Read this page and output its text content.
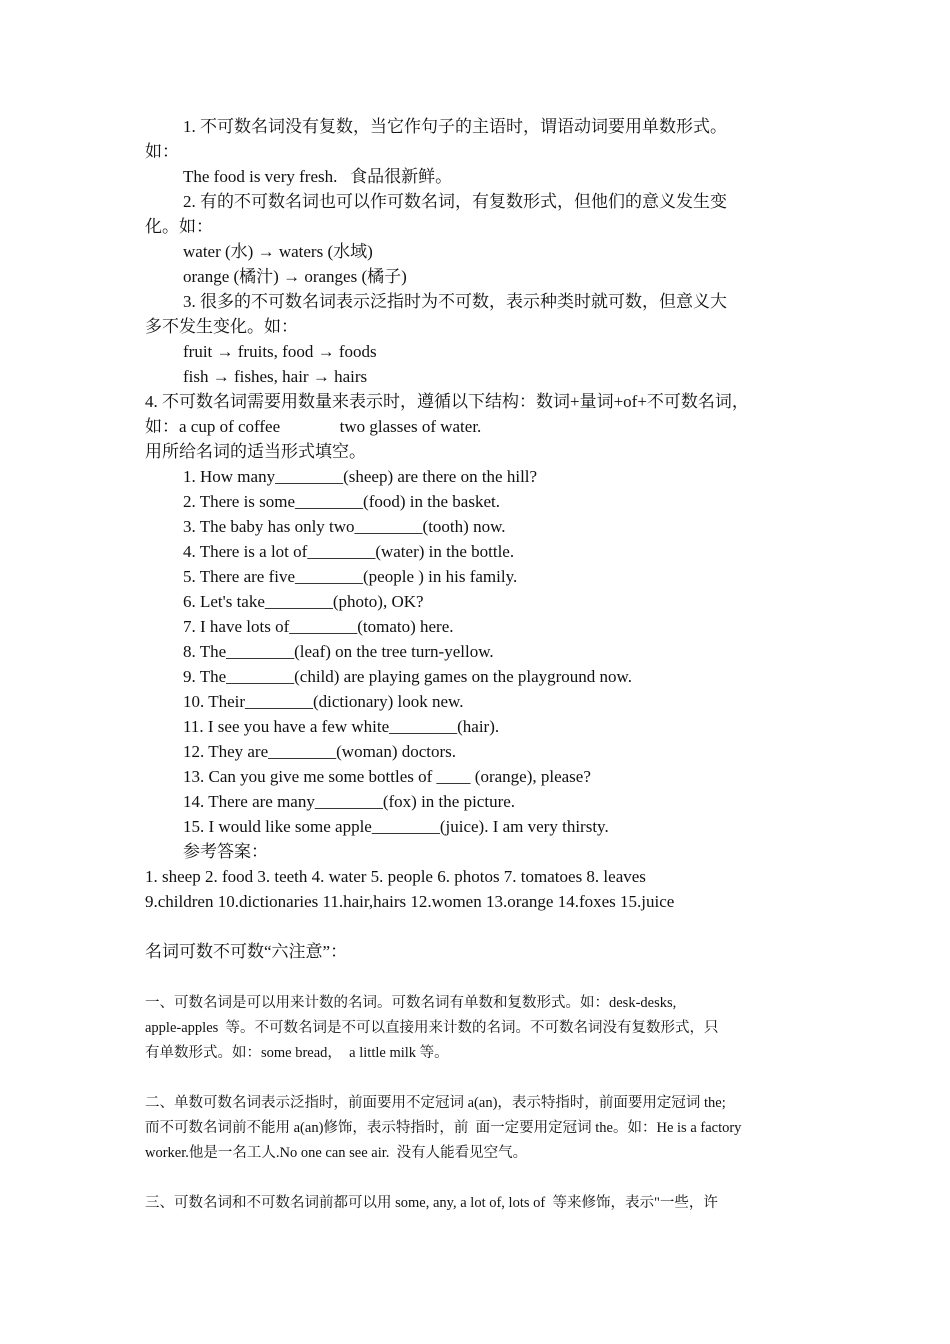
1. 不可数名词没有复数，当它作句子的主语时，谓语动词要用单数形式。
如：
The food is very fresh.   食品很新鲜。
2. 有的不可数名词也可以作可数名词，有复数形式，但他们的意义发生变
化。如：
water (水) → waters (水域)
orange (橘汁) → oranges (橘子)
3. 很多的不可数名词表示泛指时为不可数，表示种类时就可数，但意义大
多不发生变化。如：
fruit → fruits, food → foods
fish → fishes, hair → hairs
4. 不可数名词需要用数量来表示时，遵循以下结构：数词+量词+of+不可数名词，
如：a cup of coffee              two glasses of water.
用所给名词的适当形式填空。
1. How many________(sheep) are there on the hill?
2. There is some________(food) in the basket.
3. The baby has only two________(tooth) now.
4. There is a lot of________(water) in the bottle.
5. There are five________(people ) in his family.
6. Let's take________(photo), OK?
7. I have lots of________(tomato) here.
8. The________(leaf) on the tree turn-yellow.
9. The________(child) are playing games on the playground now.
10. Their________(dictionary) look new.
11. I see you have a few white________(hair).
12. They are________(woman) doctors.
13. Can you give me some bottles of ____ (orange), please?
14. There are many________(fox) in the picture.
15. I would like some apple________(juice). I am very thirsty.
参考答案：
1. sheep 2. food 3. teeth 4. water 5. people 6. photos 7. tomatoes 8. leaves
9.children 10.dictionaries 11.hair,hairs 12.women 13.orange 14.foxes 15.juice
名词可数不可数“六注意”：
一、可数名词是可以用来计数的名词。可数名词有单数和复数形式。如：desk-desks,
apple-apples  等。不可数名词是不可以直接用来计数的名词。不可数名词没有复数形式，只
有单数形式。如：some bread，  a little milk 等。
二、单数可数名词表示泛指时，前面要用不定冠词 a(an)，表示特指时，前面要用定冠词 the;
而不可数名词前不能用 a(an)修饰，表示特指时，前  面一定要用定冠词 the。如：He is a factory
worker.他是一名工人.No one can see air.  没有人能看见空气。
三、可数名词和不可数名词前都可以用 some, any, a lot of, lots of  等来修饰，表示"一些，许
